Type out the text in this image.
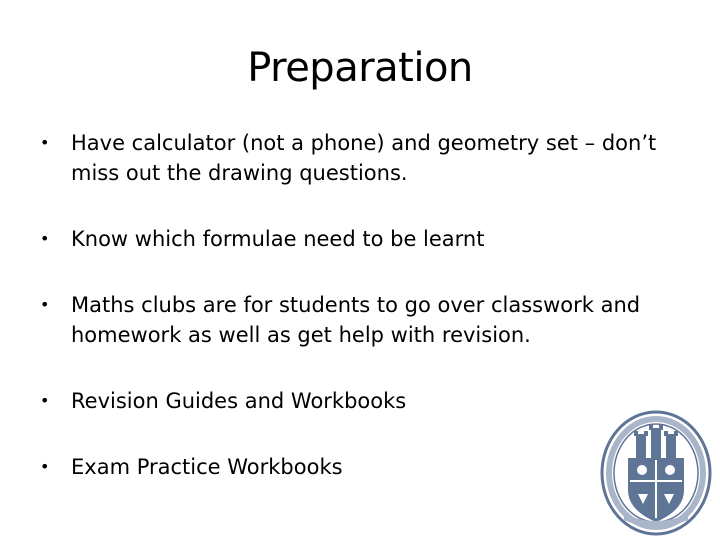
Preparation
• Have calculator (not a phone) and geometry set – don’t miss out the drawing questions.
• Know which formulae need to be learnt
• Maths clubs are for students to go over classwork and homework as well as get help with revision.
• Revision Guides and Workbooks
• Exam Practice Workbooks
